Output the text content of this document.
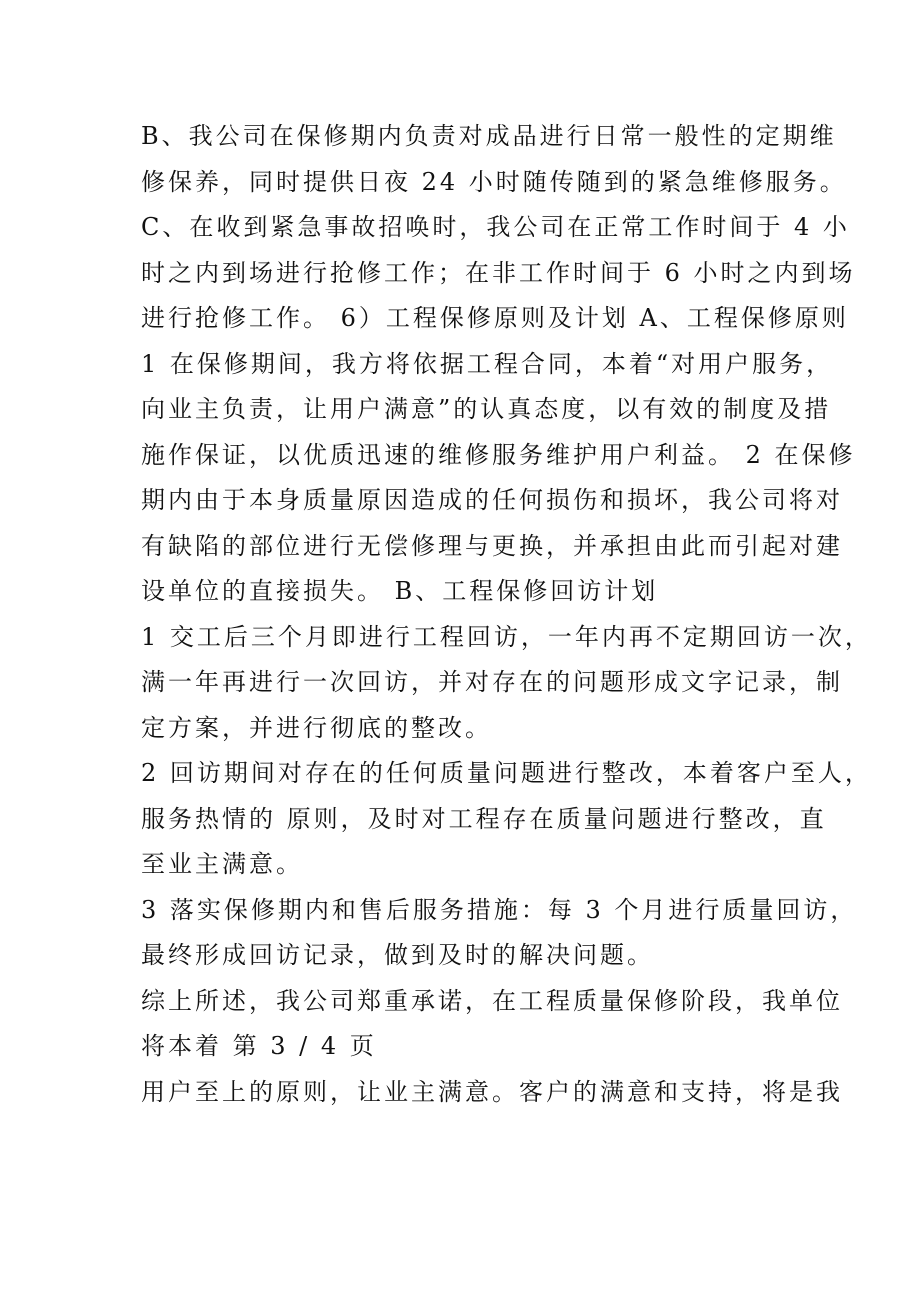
B、我公司在保修期内负责对成品进行日常一般性的定期维
修保养，同时提供日夜 24 小时随传随到的紧急维修服务。
C、在收到紧急事故招唤时，我公司在正常工作时间于 4 小
时之内到场进行抢修工作；在非工作时间于 6 小时之内到场
进行抢修工作。 6）工程保修原则及计划 A、工程保修原则
1 在保修期间，我方将依据工程合同，本着“对用户服务，
向业主负责，让用户满意”的认真态度，以有效的制度及措
施作保证，以优质迅速的维修服务维护用户利益。 2 在保修
期内由于本身质量原因造成的任何损伤和损坏，我公司将对
有缺陷的部位进行无偿修理与更换，并承担由此而引起对建
设单位的直接损失。 B、工程保修回访计划
1 交工后三个月即进行工程回访，一年内再不定期回访一次，
满一年再进行一次回访，并对存在的问题形成文字记录，制
定方案，并进行彻底的整改。
2 回访期间对存在的任何质量问题进行整改，本着客户至人，
服务热情的 原则，及时对工程存在质量问题进行整改，直
至业主满意。
3 落实保修期内和售后服务措施：每 3 个月进行质量回访，
最终形成回访记录，做到及时的解决问题。
综上所述，我公司郑重承诺，在工程质量保修阶段，我单位
将本着 第 3 / 4 页
用户至上的原则，让业主满意。客户的满意和支持，将是我
